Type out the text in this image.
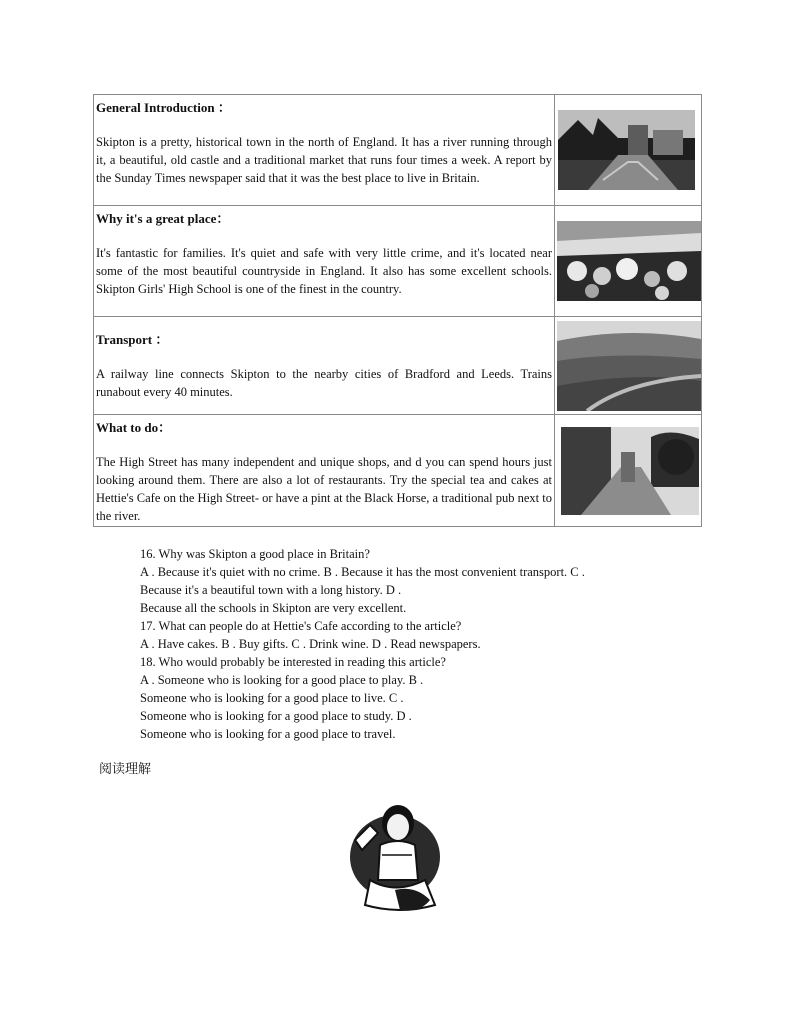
General Introduction ：
Skipton is a pretty, historical town in the north of England. It has a river running through it, a beautiful, old castle and a traditional market that runs four times a week. A report by the Sunday Times newspaper said that it was the best place to live in Britain.
Why it's a great place：
It's fantastic for families. It's quiet and safe with very little crime, and it's located near some of the most beautiful countryside in England. It also has some excellent schools. Skipton Girls' High School is one of the finest in the country.
Transport ：
A railway line connects Skipton to the nearby cities of Bradford and Leeds. Trains runabout every 40 minutes.
What to do：
The High Street has many independent and unique shops, and d you can spend hours just looking around them. There are also a lot of restaurants. Try the special tea and cakes at Hettie's Cafe on the High Street- or have a pint at the Black Horse, a traditional pub next to the river.
16. Why was Skipton a good place in Britain?
A . Because it's quiet with no crime. B . Because it has the most convenient transport. C .
Because it's a beautiful town with a long history. D .
Because all the schools in Skipton are very excellent.
17. What can people do at Hettie's Cafe according to the article?
A . Have cakes. B . Buy gifts. C . Drink wine. D . Read newspapers.
18. Who would probably be interested in reading this article?
A . Someone who is looking for a good place to play. B .
Someone who is looking for a good place to live. C .
Someone who is looking for a good place to study. D .
Someone who is looking for a good place to travel.
阅读理解
